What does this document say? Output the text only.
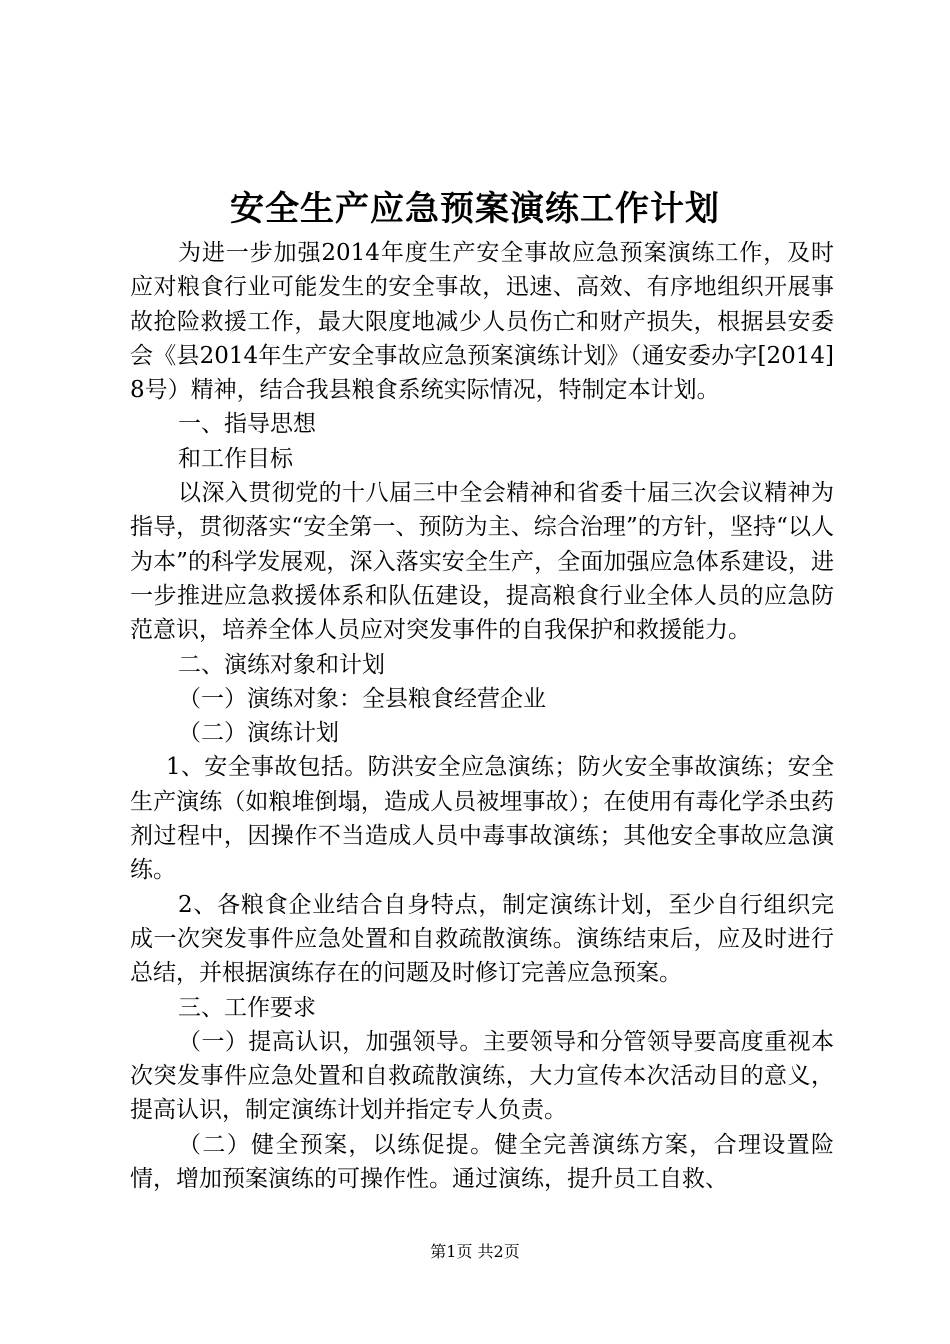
安全生产应急预案演练工作计划

为进一步加强2014年度生产安全事故应急预案演练工作，及时应对粮食行业可能发生的安全事故，迅速、高效、有序地组织开展事故抢险救援工作，最大限度地减少人员伤亡和财产损失，根据县安委会《县2014年生产安全事故应急预案演练计划》（通安委办字[2014]8号）精神，结合我县粮食系统实际情况，特制定本计划。

一、指导思想

和工作目标

以深入贯彻党的十八届三中全会精神和省委十届三次会议精神为指导，贯彻落实“安全第一、预防为主、综合治理”的方针，坚持“以人为本”的科学发展观，深入落实安全生产，全面加强应急体系建设，进一步推进应急救援体系和队伍建设，提高粮食行业全体人员的应急防范意识，培养全体人员应对突发事件的自我保护和救援能力。

二、演练对象和计划

（一）演练对象：全县粮食经营企业

（二）演练计划

1、安全事故包括。防洪安全应急演练；防火安全事故演练；安全生产演练（如粮堆倒塌，造成人员被埋事故）；在使用有毒化学杀虫药剂过程中，因操作不当造成人员中毒事故演练；其他安全事故应急演练。

2、各粮食企业结合自身特点，制定演练计划，至少自行组织完成一次突发事件应急处置和自救疏散演练。演练结束后，应及时进行总结，并根据演练存在的问题及时修订完善应急预案。

三、工作要求

（一）提高认识，加强领导。主要领导和分管领导要高度重视本次突发事件应急处置和自救疏散演练，大力宣传本次活动目的意义，提高认识，制定演练计划并指定专人负责。

（二）健全预案，以练促提。健全完善演练方案，合理设置险情，增加预案演练的可操作性。通过演练，提升员工自救、

第1页 共2页
